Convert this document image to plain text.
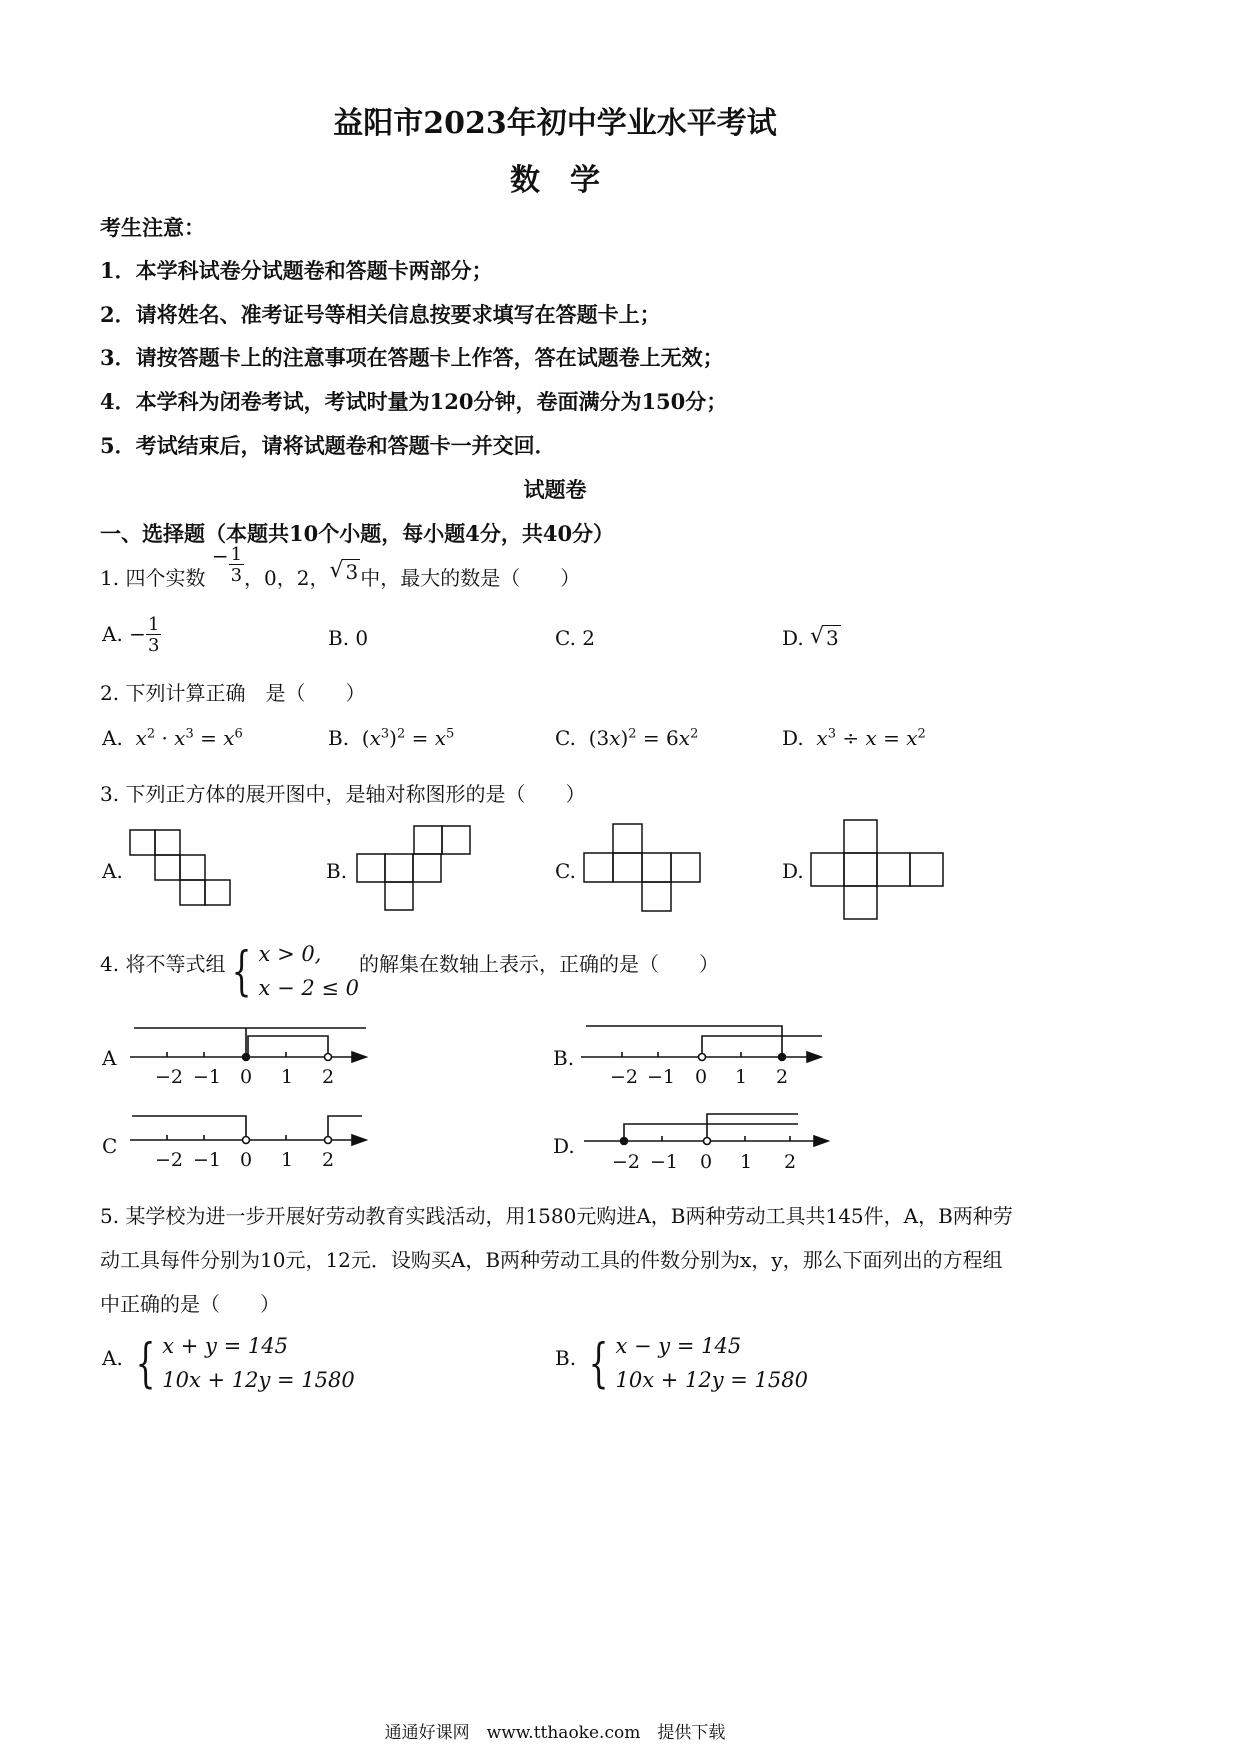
益阳市2023年初中学业水平考试
数　学
考生注意：
1．本学科试卷分试题卷和答题卡两部分；
2．请将姓名、准考证号等相关信息按要求填写在答题卡上；
3．请按答题卡上的注意事项在答题卡上作答，答在试题卷上无效；
4．本学科为闭卷考试，考试时量为120分钟，卷面满分为150分；
5．考试结束后，请将试题卷和答题卡一并交回．
试题卷
一、选择题（本题共10个小题，每小题4分，共40分）
1. 四个实数 − $\frac{1}{3}$ ，0，2， √ 3 中，最大的数是（　　）
A. − $\frac{1}{3}$	B. 0	C. 2	D. √ 3
2. 下列计算正确　是（　　）
A. $x^2 \cdot x^3 = x^6$	B.  $(x^3)^2 = x^5$	C.  $(3x)^2 = 6x^2$	D. $x^3 \div x = x^2$
3. 下列正方体的展开图中，是轴对称图形的是（　　）
A.	B.	C.	D.
4. 将不等式组 { x > 0,
x − 2 ≤ 0
的解集在数轴上表示，正确的是（　　）
A	B.
C	D.
−2 −1 0 1 2	−2 −1 0 1 2
−2 −1 0 1 2	−2 −1 0 1 2
5. 某学校为进一步开展好劳动教育实践活动，用1580元购进A，B两种劳动工具共145件，A，B两种劳
动工具每件分别为10元，12元．设购买A，B两种劳动工具的件数分别为x，y，那么下面列出的方程组
中正确的是（　　）
A. { x + y = 145
10x + 12y = 1580
B. { x − y = 145
10x + 12y = 1580
通通好课网　www.tthaoke.com　提供下载
